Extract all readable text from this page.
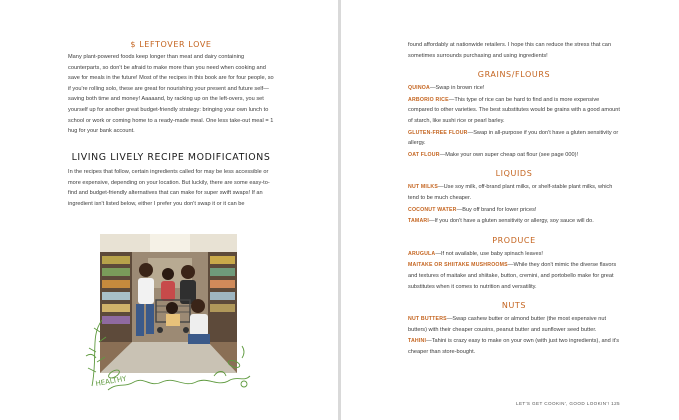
$ LEFTOVER LOVE

Many plant-powered foods keep longer than meat and dairy containing counterparts, so don't be afraid to make more than you need when cooking and save for meals in the future! Most of the recipes in this book are for four people, so if you're rolling solo, these are great for nourishing your present and future self—saving both time and money! Aaaaand, by racking up on the left-overs, you set yourself up for another great budget-friendly strategy: bringing your own lunch to school or work or coming home to a ready-made meal. One less take-out meal = 1 hug for your bank account.

LIVING LIVELY RECIPE MODIFICATIONS

In the recipes that follow, certain ingredients called for may be less accessible or more expensive, depending on your location. But luckily, there are some easy-to-find and budget-friendly alternatives that can make for super swift swaps! If an ingredient isn't listed below, either I prefer you don't swap it or it can be

HEALTHY

found affordably at nationwide retailers. I hope this can reduce the stress that can sometimes surrounds purchasing and using ingredients!

GRAINS/FLOURS

QUINOA—Swap in brown rice!

ARBORIO RICE—This type of rice can be hard to find and is more expensive compared to other varieties. The best substitutes would be grains with a good amount of starch, like sushi rice or pearl barley.

GLUTEN-FREE FLOUR—Swap in all-purpose if you don't have a gluten sensitivity or allergy.

OAT FLOUR—Make your own super cheap oat flour (see page 000)!

LIQUIDS

NUT MILKS—Use soy milk, off-brand plant milks, or shelf-stable plant milks, which tend to be much cheaper.

COCONUT WATER—Buy off brand for lower prices!

TAMARI—If you don't have a gluten sensitivity or allergy, soy sauce will do.

PRODUCE

ARUGULA—If not available, use baby spinach leaves!

MAITAKE OR SHIITAKE MUSHROOMS—While they don't mimic the diverse flavors and textures of maitake and shiitake, button, cremini, and portobello make for great substitutes when it comes to nutrition and versatility.

NUTS

NUT BUTTERS—Swap cashew butter or almond butter (the most expensive nut butters) with their cheaper cousins, peanut butter and sunflower seed butter.

TAHINI—Tahini is crazy easy to make on your own (with just two ingredients), and it's cheaper than store-bought.

LET'S GET COOKIN', GOOD LOOKIN'! 125
